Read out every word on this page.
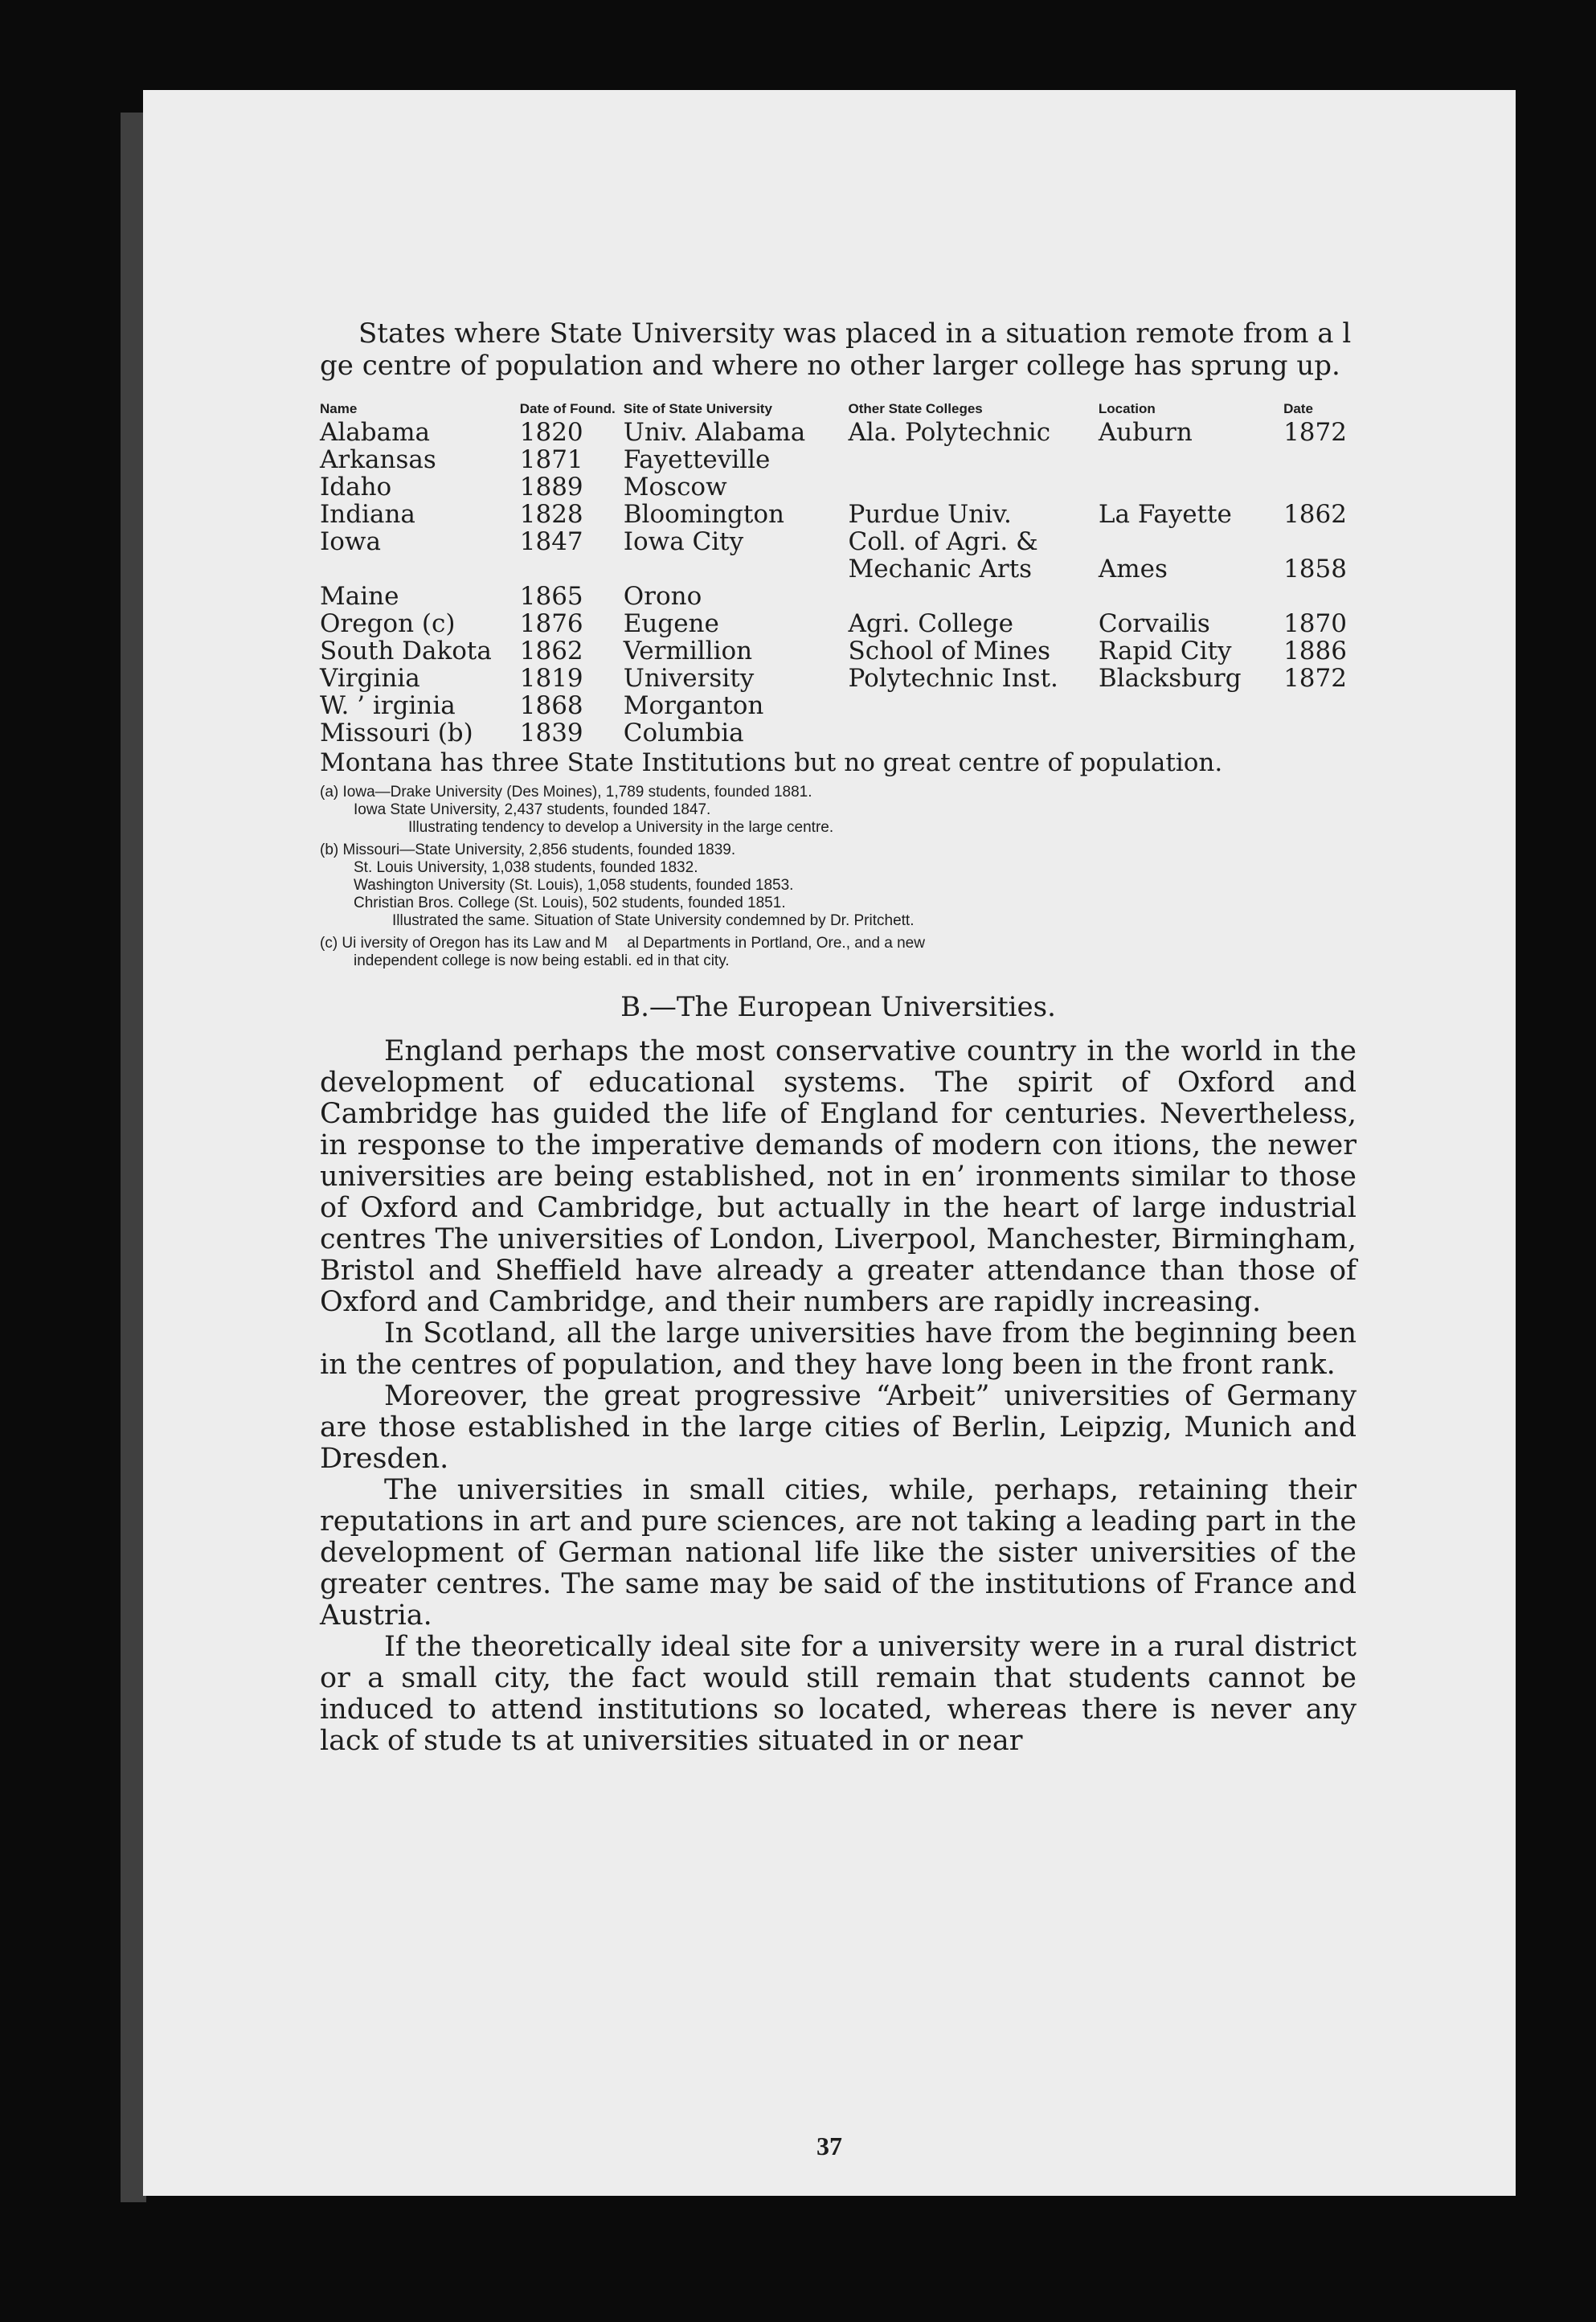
States where State University was placed in a situation remote from a l  ge centre of population and where no other larger college has sprung up.

Name	Date of Found.	Site of State University	Other State Colleges	Location	Date
Alabama	1820	Univ. Alabama	Ala. Polytechnic	Auburn	1872
Arkansas	1871	Fayetteville			
Idaho	1889	Moscow			
Indiana	1828	Bloomington	Purdue Univ.	La Fayette	1862
Iowa	1847	Iowa City	Coll. of Agri. &		
			Mechanic Arts	Ames	1858
Maine	1865	Orono			
Oregon (c)	1876	Eugene	Agri. College	Corvailis	1870
South Dakota	1862	Vermillion	School of Mines	Rapid City	1886
Virginia	1819	University	Polytechnic Inst.	Blacksburg	1872
W. ’ irginia	1868	Morganton			
Missouri (b)	1839	Columbia			

Montana has three State Institutions but no great centre of population.

(a) Iowa—Drake University (Des Moines), 1,789 students, founded 1881.
Iowa State University, 2,437 students, founded 1847.
Illustrating tendency to develop a University in the large centre.
(b) Missouri—State University, 2,856 students, founded 1839.
St. Louis University, 1,038 students, founded 1832.
Washington University (St. Louis), 1,058 students, founded 1853.
Christian Bros. College (St. Louis), 502 students, founded 1851.
Illustrated the same. Situation of State University condemned by Dr. Pritchett.
(c) Ui iversity of Oregon has its Law and M  al Departments in Portland, Ore., and a new
independent college is now being establi. ed in that city.
B.—The European Universities.

England perhaps the most conservative country in the world in the development of educational systems. The spirit of Oxford and Cambridge has guided the life of England for centuries. Nevertheless, in response to the imperative demands of modern con itions, the newer universities are being established, not in en’ ironments similar to those of Oxford and Cambridge, but actually in the heart of large industrial centres The universities of London, Liverpool, Manchester, Birmingham, Bristol and Sheffield have already a greater attendance than those of Oxford and Cambridge, and their numbers are rapidly increasing.

In Scotland, all the large universities have from the beginning been in the centres of population, and they have long been in the front rank.

Moreover, the great progressive “Arbeit” universities of Germany are those established in the large cities of Berlin, Leipzig, Munich and Dresden.

The universities in small cities, while, perhaps, retaining their reputations in art and pure sciences, are not taking a leading part in the development of German national life like the sister universities of the greater centres. The same may be said of the institutions of France and Austria.

If the theoretically ideal site for a university were in a rural district or a small city, the fact would still remain that students cannot be induced to attend institutions so located, whereas there is never any lack of stude ts at universities situated in or near

37
